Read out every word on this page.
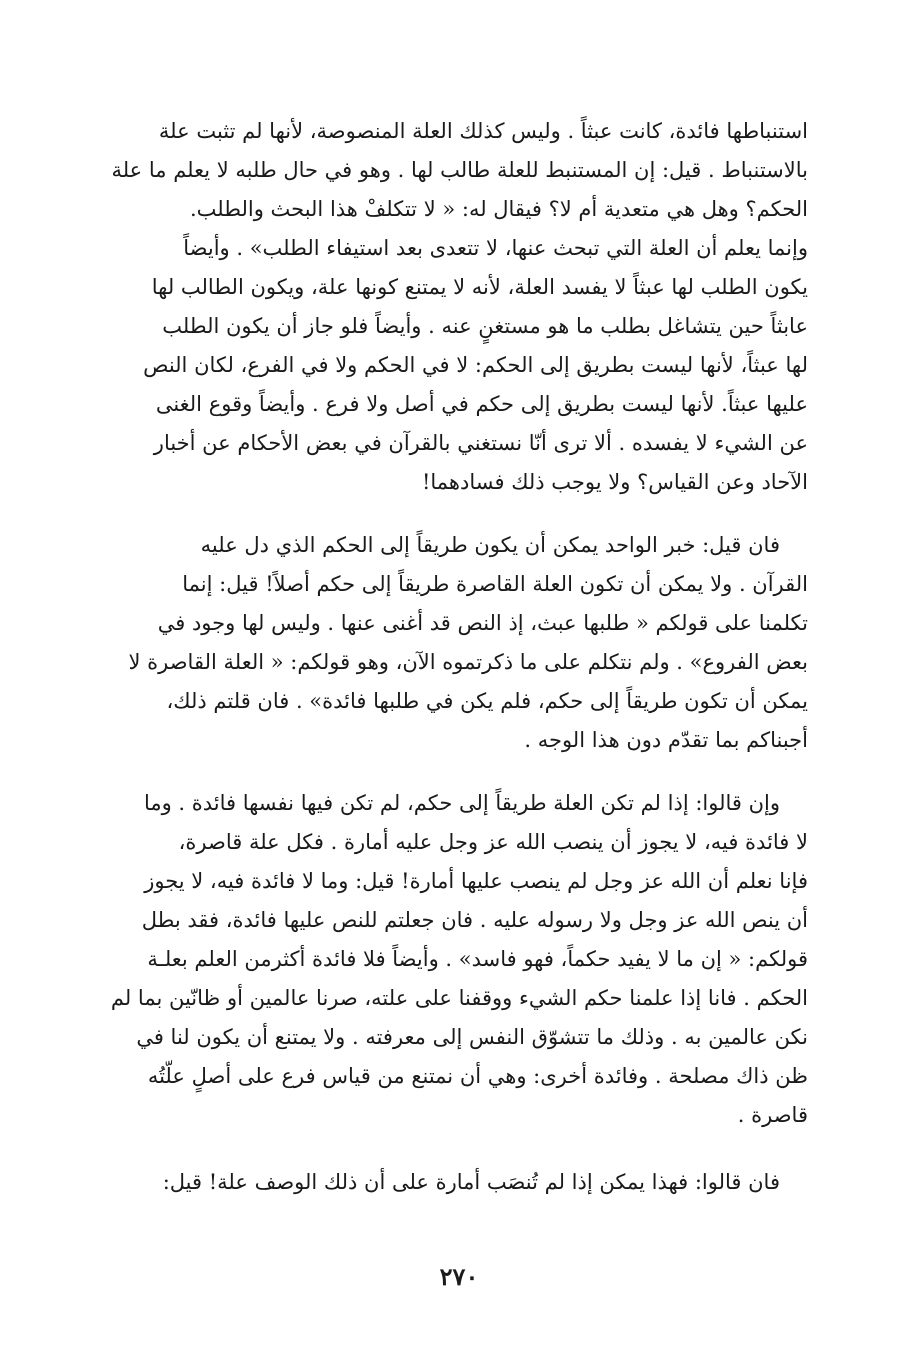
استنباطها فائدة، كانت عبثاً . وليس كذلك العلة المنصوصة، لأنها لم تثبت علة
بالاستنباط . قيل: إن المستنبط للعلة طالب لها . وهو في حال طلبه لا يعلم ما علة
الحكم؟ وهل هي متعدية أم لا؟ فيقال له: « لا تتكلفْ هذا البحث والطلب.
وإنما يعلم أن العلة التي تبحث عنها، لا تتعدى بعد استيفاء الطلب» . وأيضاً
يكون الطلب لها عبثاً لا يفسد العلة، لأنه لا يمتنع كونها علة، ويكون الطالب لها
عابثاً حين يتشاغل بطلب ما هو مستغنٍ عنه . وأيضاً فلو جاز أن يكون الطلب
لها عبثاً، لأنها ليست بطريق إلى الحكم: لا في الحكم ولا في الفرع، لكان النص
عليها عبثاً. لأنها ليست بطريق إلى حكم في أصل ولا فرع . وأيضاً وقوع الغنى
عن الشيء لا يفسده . ألا ترى أنّا نستغني بالقرآن في بعض الأحكام عن أخبار
الآحاد وعن القياس؟ ولا يوجب ذلك فسادهما!

فان قيل: خبر الواحد يمكن أن يكون طريقاً إلى الحكم الذي دل عليه
القرآن . ولا يمكن أن تكون العلة القاصرة طريقاً إلى حكم أصلاً! قيل: إنما
تكلمنا على قولكم « طلبها عبث، إذ النص قد أغنى عنها . وليس لها وجود في
بعض الفروع» . ولم نتكلم على ما ذكرتموه الآن، وهو قولكم: « العلة القاصرة لا
يمكن أن تكون طريقاً إلى حكم، فلم يكن في طلبها فائدة» . فان قلتم ذلك،
أجبناكم بما تقدّم دون هذا الوجه .

وإن قالوا: إذا لم تكن العلة طريقاً إلى حكم، لم تكن فيها نفسها فائدة . وما
لا فائدة فيه، لا يجوز أن ينصب الله عز وجل عليه أمارة . فكل علة قاصرة،
فإنا نعلم أن الله عز وجل لم ينصب عليها أمارة! قيل: وما لا فائدة فيه، لا يجوز
أن ينص الله عز وجل ولا رسوله عليه . فان جعلتم للنص عليها فائدة، فقد بطل
قولكم: « إن ما لا يفيد حكماً، فهو فاسد» . وأيضاً فلا فائدة أكثرمن العلم بعلـة
الحكم . فانا إذا علمنا حكم الشيء ووقفنا على علته، صرنا عالمين أو ظانّين بما لم
نكن عالمين به . وذلك ما تتشوّق النفس إلى معرفته . ولا يمتنع أن يكون لنا في
ظن ذاك مصلحة . وفائدة أخرى: وهي أن نمتنع من قياس فرع على أصلٍ علّتُه
قاصرة .

فان قالوا: فهذا يمكن إذا لم تُنصَب أمارة على أن ذلك الوصف علة! قيل:

٢٧٠
